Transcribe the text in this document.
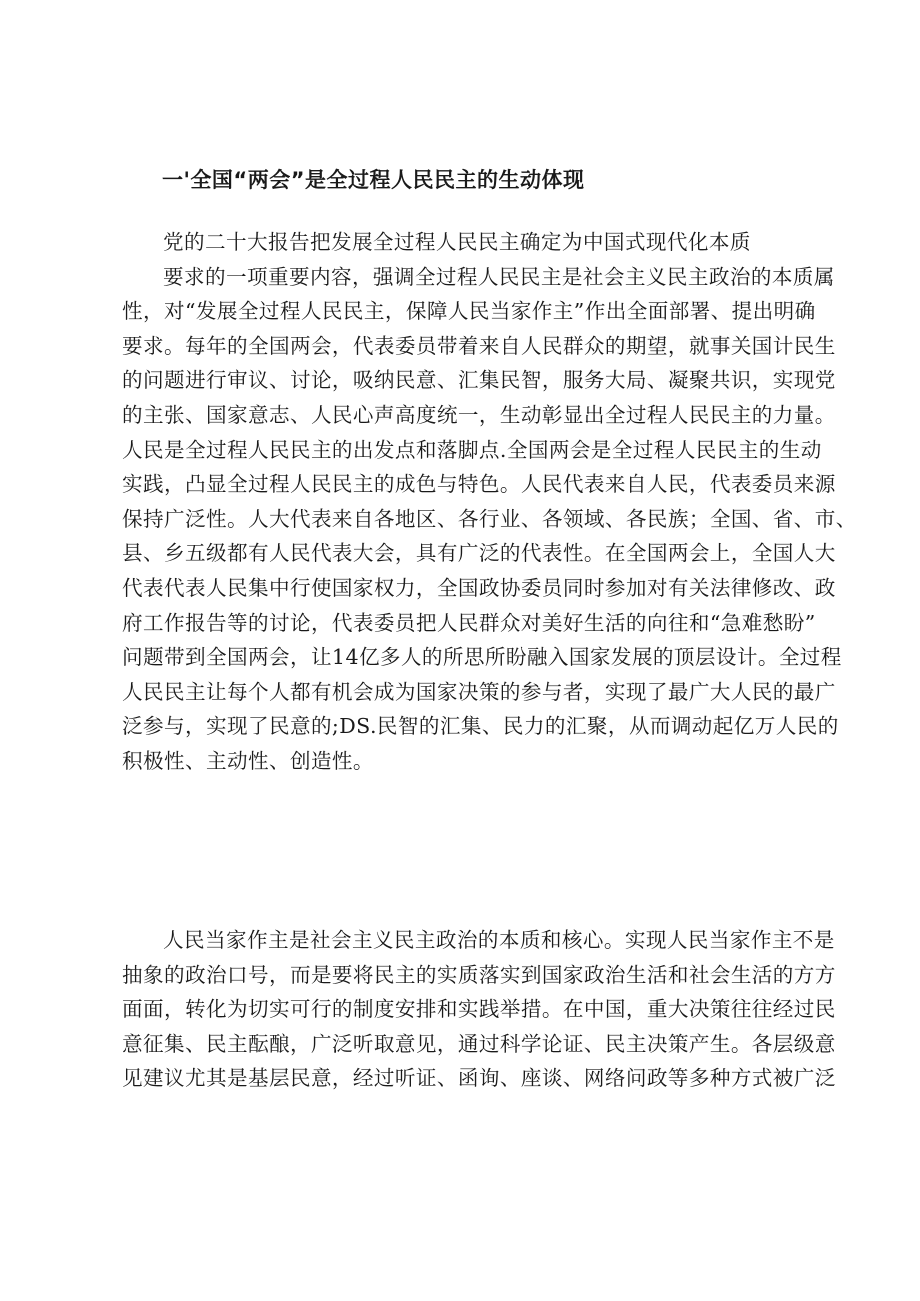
一'全国“两会”是全过程人民民主的生动体现
党的二十大报告把发展全过程人民民主确定为中国式现代化本质
要求的一项重要内容，强调全过程人民民主是社会主义民主政治的本质属
性，对“发展全过程人民民主，保障人民当家作主”作出全面部署、提出明确
要求。每年的全国两会，代表委员带着来自人民群众的期望，就事关国计民生
的问题进行审议、讨论，吸纳民意、汇集民智，服务大局、凝聚共识，实现党
的主张、国家意志、人民心声高度统一，生动彰显出全过程人民民主的力量。
人民是全过程人民民主的出发点和落脚点.全国两会是全过程人民民主的生动
实践，凸显全过程人民民主的成色与特色。人民代表来自人民，代表委员来源
保持广泛性。人大代表来自各地区、各行业、各领域、各民族；全国、省、市、
县、乡五级都有人民代表大会，具有广泛的代表性。在全国两会上，全国人大
代表代表人民集中行使国家权力，全国政协委员同时参加对有关法律修改、政
府工作报告等的讨论，代表委员把人民群众对美好生活的向往和“急难愁盼”
问题带到全国两会，让14亿多人的所思所盼融入国家发展的顶层设计。全过程
人民民主让每个人都有机会成为国家决策的参与者，实现了最广大人民的最广
泛参与，实现了民意的;DS.民智的汇集、民力的汇聚，从而调动起亿万人民的
积极性、主动性、创造性。
人民当家作主是社会主义民主政治的本质和核心。实现人民当家作主不是
抽象的政治口号，而是要将民主的实质落实到国家政治生活和社会生活的方方
面面，转化为切实可行的制度安排和实践举措。在中国，重大决策往往经过民
意征集、民主酝酿，广泛听取意见，通过科学论证、民主决策产生。各层级意
见建议尤其是基层民意，经过听证、函询、座谈、网络问政等多种方式被广泛
